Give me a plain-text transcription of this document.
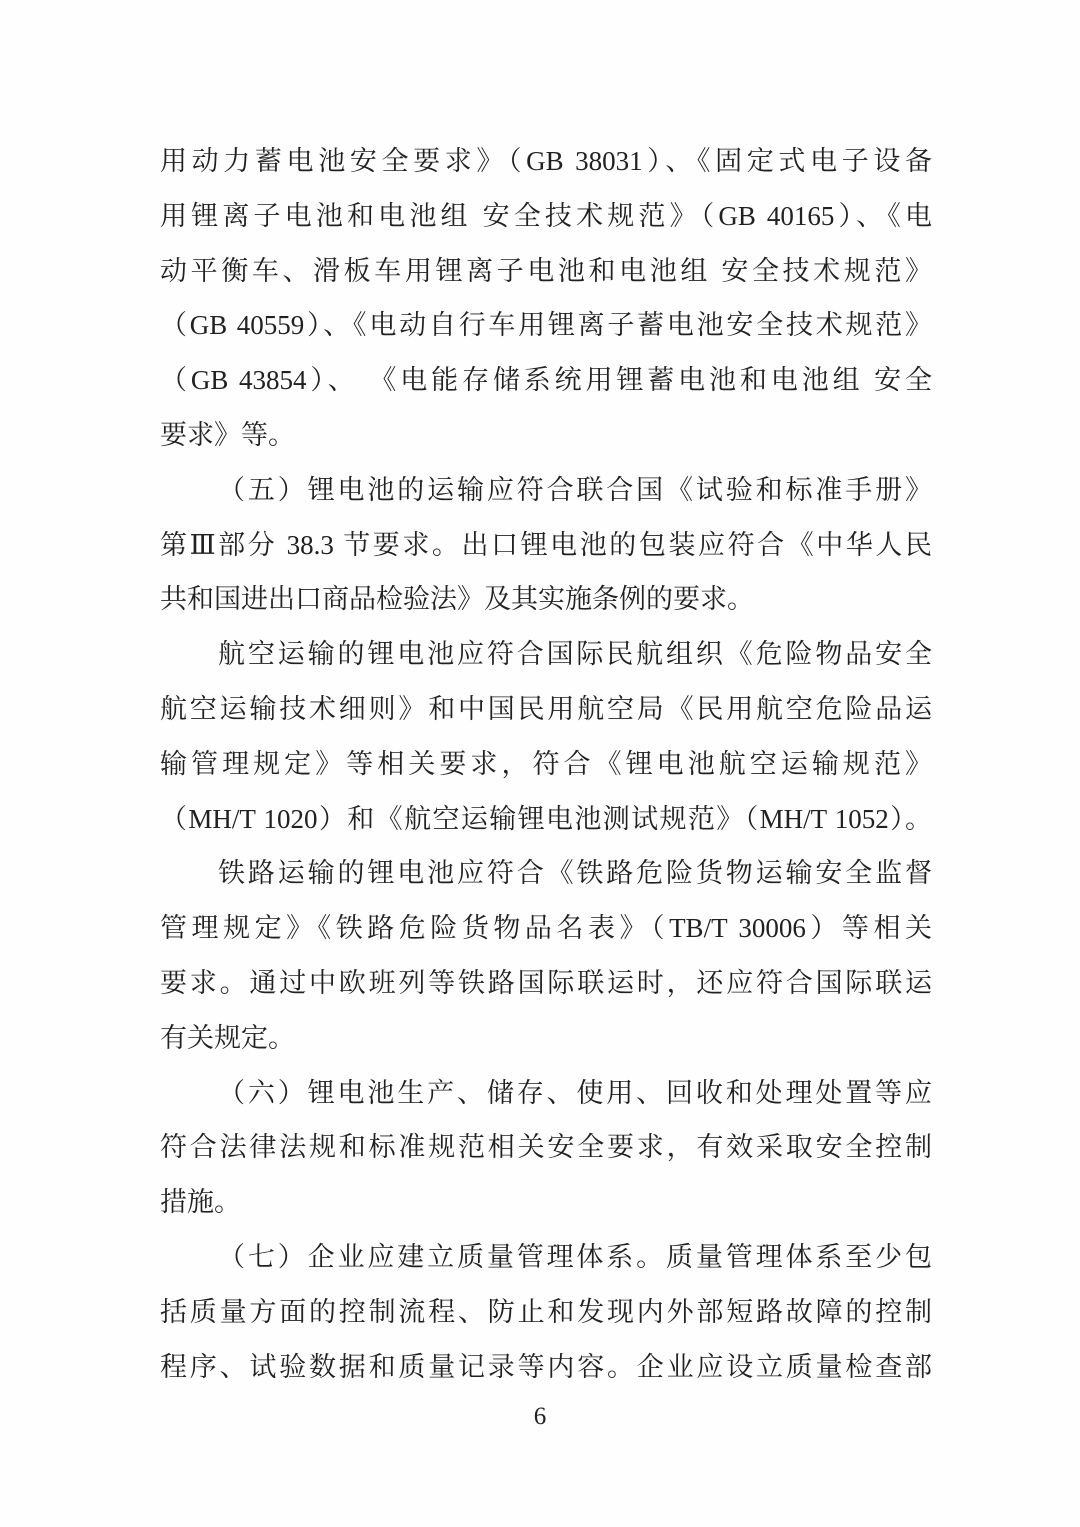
用动力蓄电池安全要求》（GB 38031）、《固定式电子设备
用锂离子电池和电池组 安全技术规范》（GB 40165）、《电
动平衡车、滑板车用锂离子电池和电池组 安全技术规范》
（GB 40559）、《电动自行车用锂离子蓄电池安全技术规范》
（GB 43854）、 《电能存储系统用锂蓄电池和电池组 安全
要求》等。
（五）锂电池的运输应符合联合国《试验和标准手册》
第Ⅲ部分 38.3 节要求。出口锂电池的包装应符合《中华人民
共和国进出口商品检验法》及其实施条例的要求。
航空运输的锂电池应符合国际民航组织《危险物品安全
航空运输技术细则》和中国民用航空局《民用航空危险品运
输管理规定》等相关要求，符合《锂电池航空运输规范》
（MH/T 1020）和《航空运输锂电池测试规范》（MH/T 1052）。
铁路运输的锂电池应符合《铁路危险货物运输安全监督
管理规定》《铁路危险货物品名表》（TB/T 30006）等相关
要求。通过中欧班列等铁路国际联运时，还应符合国际联运
有关规定。
（六）锂电池生产、储存、使用、回收和处理处置等应
符合法律法规和标准规范相关安全要求，有效采取安全控制
措施。
（七）企业应建立质量管理体系。质量管理体系至少包
括质量方面的控制流程、防止和发现内外部短路故障的控制
程序、试验数据和质量记录等内容。企业应设立质量检查部
6
